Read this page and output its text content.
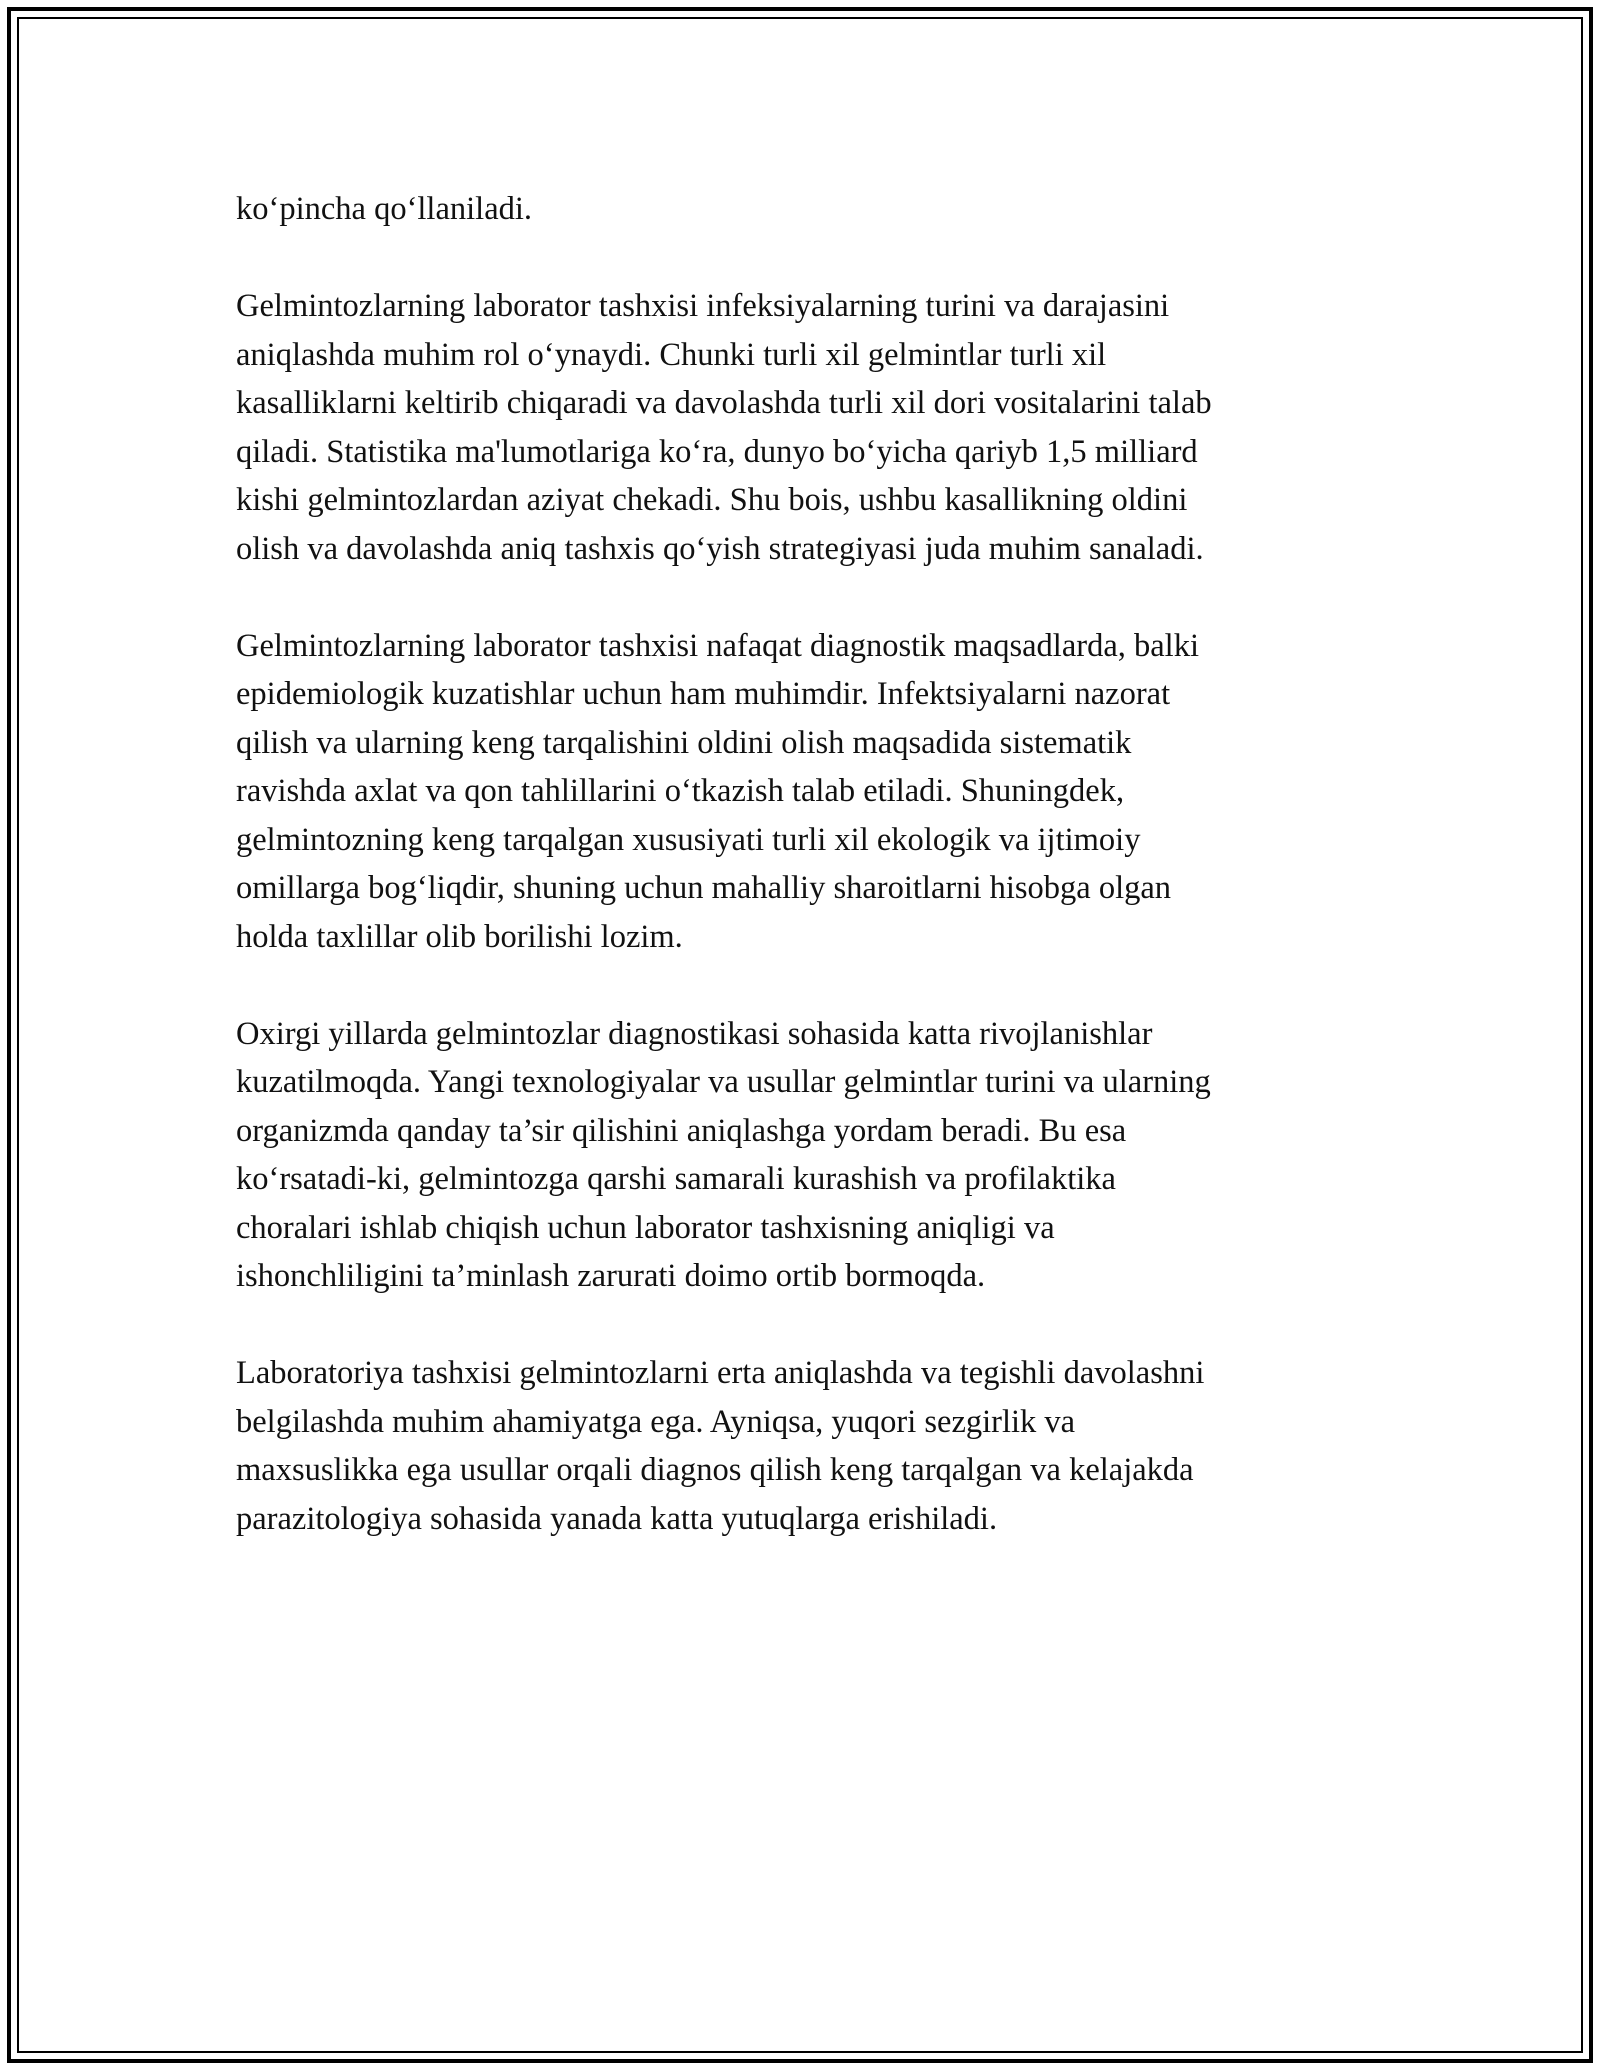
ko‘pincha qo‘llaniladi.
Gelmintozlarning laborator tashxisi infeksiyalarning turini va darajasini
aniqlashda muhim rol o‘ynaydi. Chunki turli xil gelmintlar turli xil
kasalliklarni keltirib chiqaradi va davolashda turli xil dori vositalarini talab
qiladi. Statistika ma'lumotlariga ko‘ra, dunyo bo‘yicha qariyb 1,5 milliard
kishi gelmintozlardan aziyat chekadi. Shu bois, ushbu kasallikning oldini
olish va davolashda aniq tashxis qo‘yish strategiyasi juda muhim sanaladi.
Gelmintozlarning laborator tashxisi nafaqat diagnostik maqsadlarda, balki
epidemiologik kuzatishlar uchun ham muhimdir. Infektsiyalarni nazorat
qilish va ularning keng tarqalishini oldini olish maqsadida sistematik
ravishda axlat va qon tahlillarini o‘tkazish talab etiladi. Shuningdek,
gelmintozning keng tarqalgan xususiyati turli xil ekologik va ijtimoiy
omillarga bog‘liqdir, shuning uchun mahalliy sharoitlarni hisobga olgan
holda taxlillar olib borilishi lozim.
Oxirgi yillarda gelmintozlar diagnostikasi sohasida katta rivojlanishlar
kuzatilmoqda. Yangi texnologiyalar va usullar gelmintlar turini va ularning
organizmda qanday ta’sir qilishini aniqlashga yordam beradi. Bu esa
ko‘rsatadi-ki, gelmintozga qarshi samarali kurashish va profilaktika
choralari ishlab chiqish uchun laborator tashxisning aniqligi va
ishonchliligini ta’minlash zarurati doimo ortib bormoqda.
Laboratoriya tashxisi gelmintozlarni erta aniqlashda va tegishli davolashni
belgilashda muhim ahamiyatga ega. Ayniqsa, yuqori sezgirlik va
maxsuslikka ega usullar orqali diagnos qilish keng tarqalgan va kelajakda
parazitologiya sohasida yanada katta yutuqlarga erishiladi.
